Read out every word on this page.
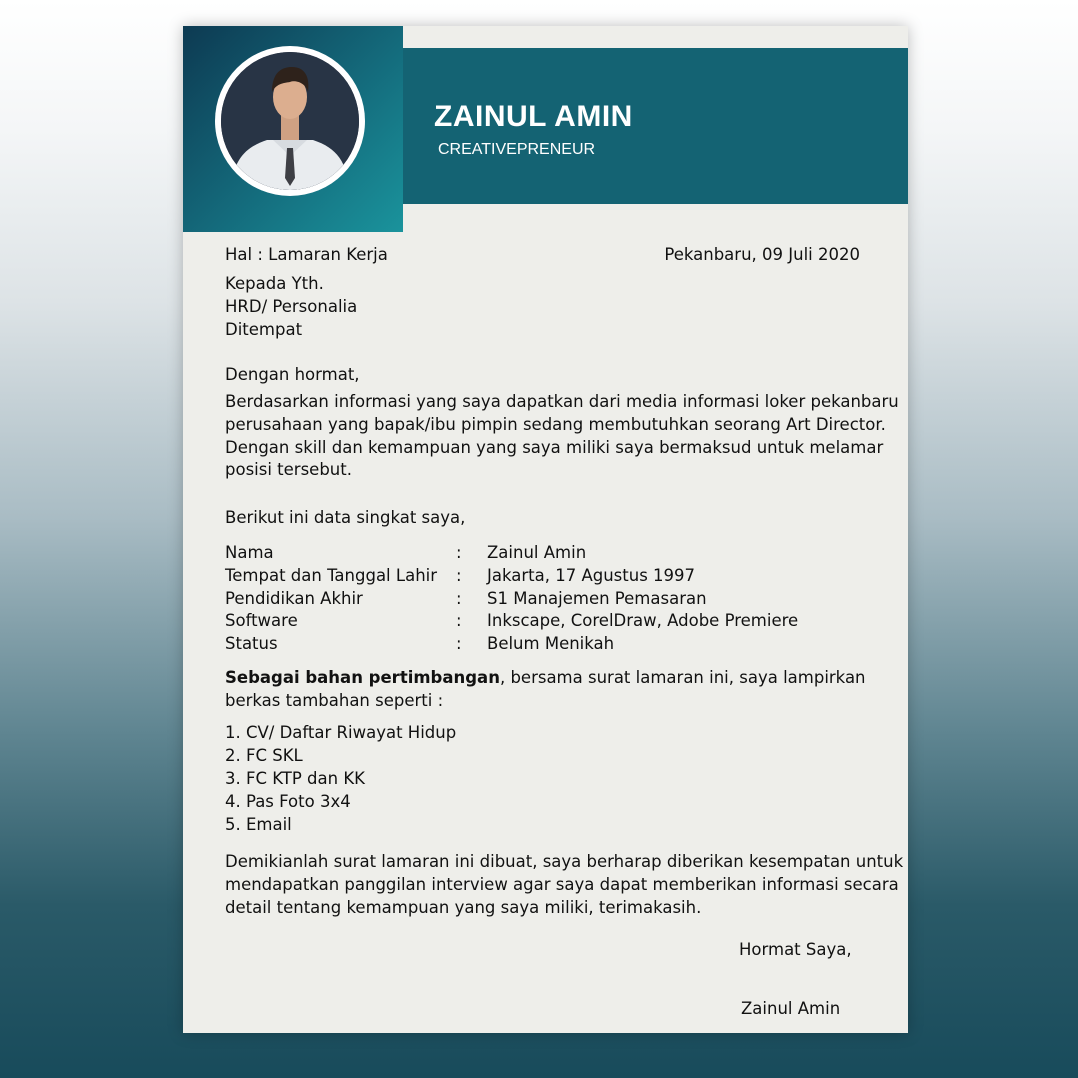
ZAINUL AMIN

CREATIVEPRENEUR

Hal : Lamaran Kerja	Pekanbaru, 09 Juli 2020

Kepada Yth.

HRD/ Personalia

Ditempat

Dengan hormat,

Berdasarkan informasi yang saya dapatkan dari media informasi loker pekanbaru

perusahaan yang bapak/ibu pimpin sedang membutuhkan seorang Art Director.

Dengan skill dan kemampuan yang saya miliki saya bermaksud untuk melamar

posisi tersebut.

Berikut ini data singkat saya,

Nama	: Zainul Amin

Tempat dan Tanggal Lahir : Jakarta, 17 Agustus 1997

Pendidikan Akhir	: S1 Manajemen Pemasaran

Software	: Inkscape, CorelDraw, Adobe Premiere

Status	: Belum Menikah

Sebagai bahan pertimbangan, bersama surat lamaran ini, saya lampirkan

berkas tambahan seperti :

1. CV/ Daftar Riwayat Hidup

2. FC SKL

3. FC KTP dan KK

4. Pas Foto 3x4

5. Email

Demikianlah surat lamaran ini dibuat, saya berharap diberikan kesempatan untuk

mendapatkan panggilan interview agar saya dapat memberikan informasi secara

detail tentang kemampuan yang saya miliki, terimakasih.

Hormat Saya,

Zainul Amin
